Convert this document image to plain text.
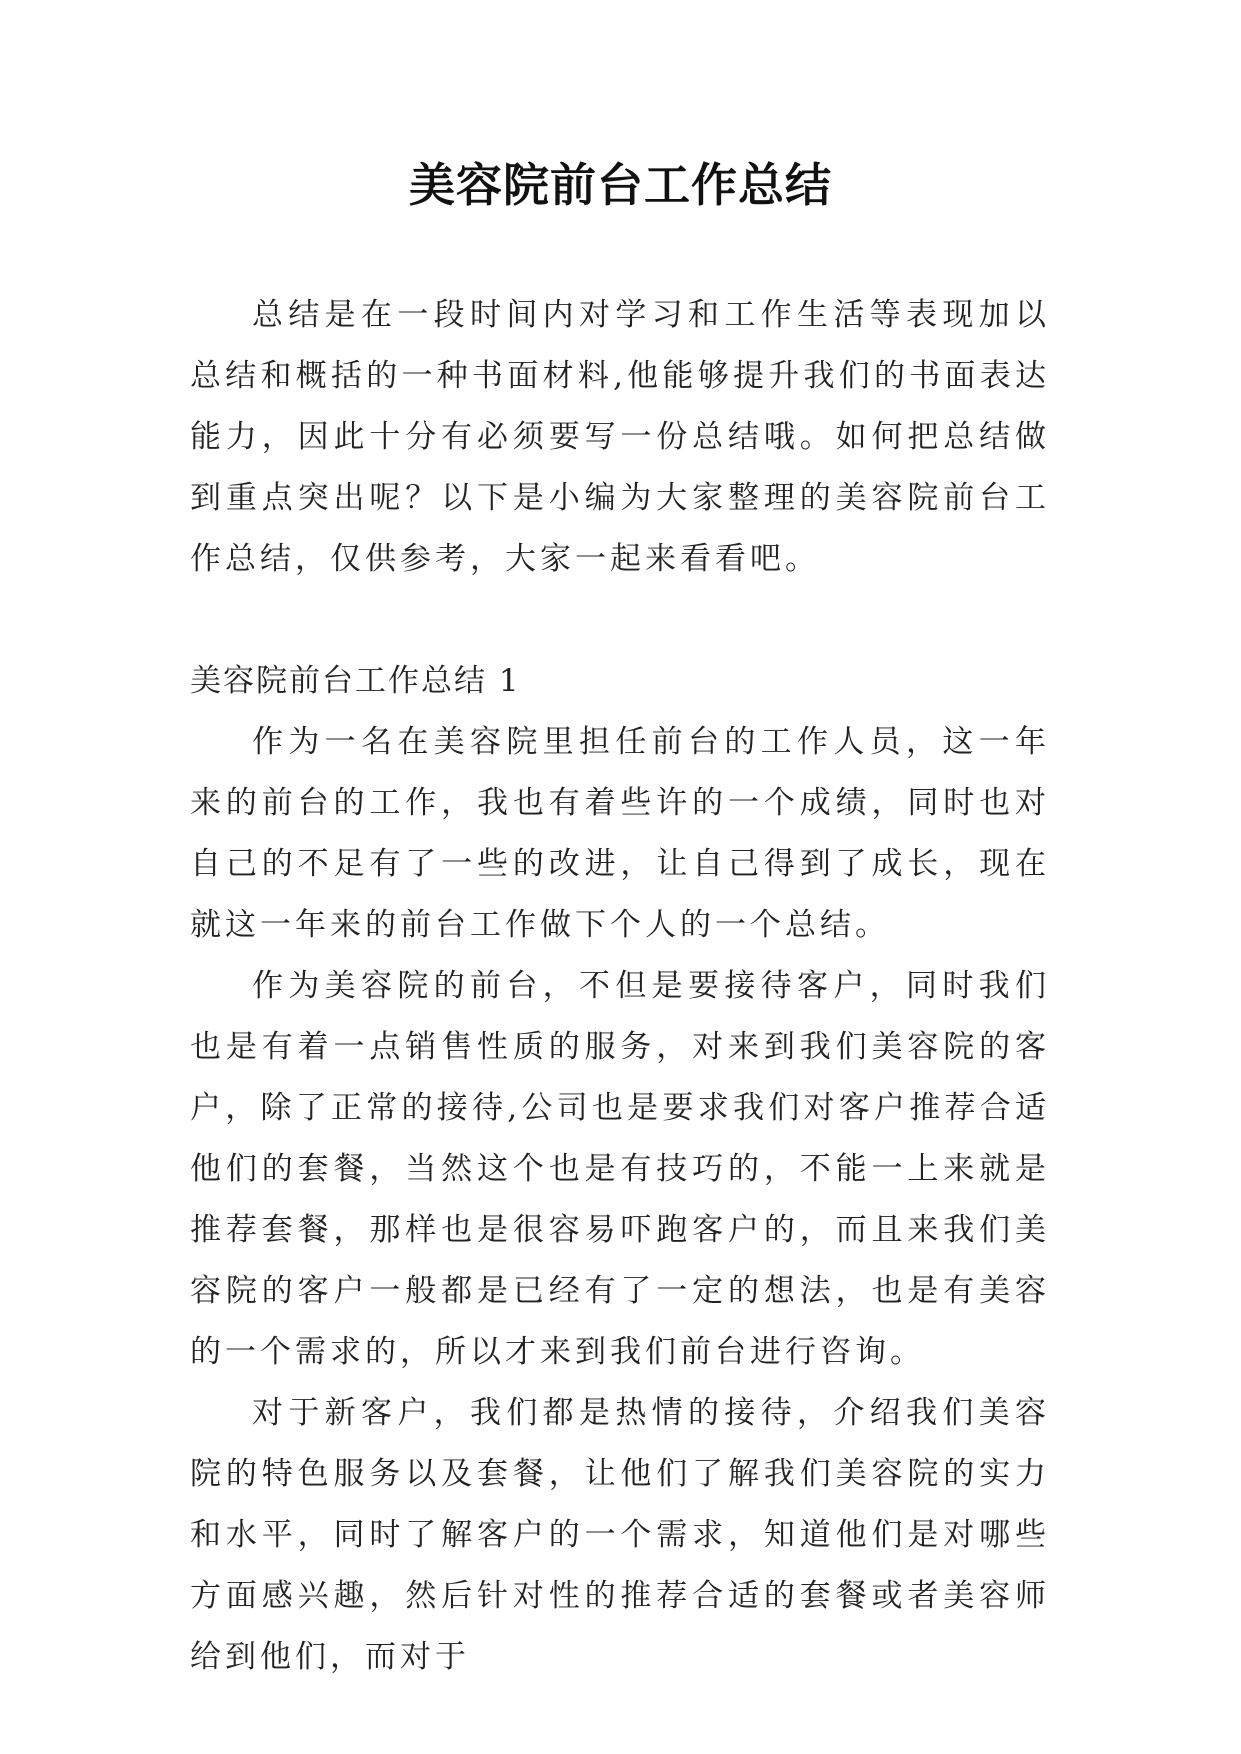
美容院前台工作总结

总结是在一段时间内对学习和工作生活等表现加以总结和概括的一种书面材料,他能够提升我们的书面表达能力，因此十分有必须要写一份总结哦。如何把总结做到重点突出呢？以下是小编为大家整理的美容院前台工作总结，仅供参考，大家一起来看看吧。

美容院前台工作总结 1

作为一名在美容院里担任前台的工作人员，这一年来的前台的工作，我也有着些许的一个成绩，同时也对自己的不足有了一些的改进，让自己得到了成长，现在就这一年来的前台工作做下个人的一个总结。

作为美容院的前台，不但是要接待客户，同时我们也是有着一点销售性质的服务，对来到我们美容院的客户，除了正常的接待,公司也是要求我们对客户推荐合适他们的套餐，当然这个也是有技巧的，不能一上来就是推荐套餐，那样也是很容易吓跑客户的，而且来我们美容院的客户一般都是已经有了一定的想法，也是有美容的一个需求的，所以才来到我们前台进行咨询。

对于新客户，我们都是热情的接待，介绍我们美容院的特色服务以及套餐，让他们了解我们美容院的实力和水平，同时了解客户的一个需求，知道他们是对哪些方面感兴趣，然后针对性的推荐合适的套餐或者美容师给到他们，而对于
